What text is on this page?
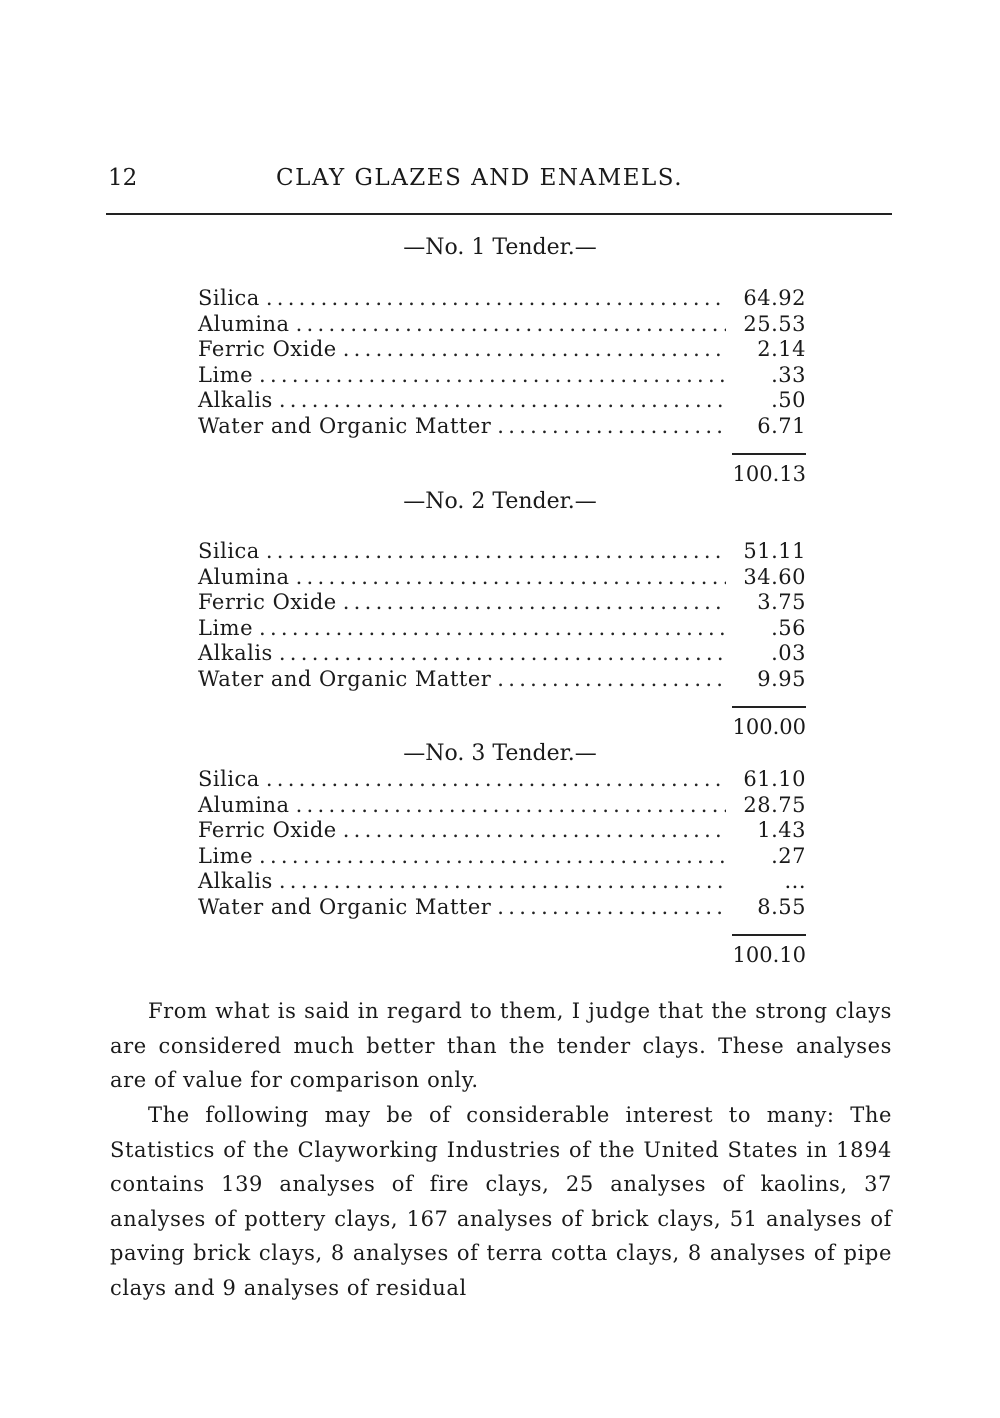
12	CLAY GLAZES AND ENAMELS.
—No. 1 Tender.—
Silica . . .	64.92
Alumina . . .	25.53
Ferric Oxide . . .	2.14
Lime . . .	.33
Alkalis . . .	.50
Water and Organic Matter . . .	6.71
100.13
—No. 2 Tender.—
Silica . . .	51.11
Alumina . . .	34.60
Ferric Oxide . . .	3.75
Lime . . .	.56
Alkalis . . .	.03
Water and Organic Matter . . .	9.95
100.00
—No. 3 Tender.—
Silica . . .	61.10
Alumina . . .	28.75
Ferric Oxide . . .	1.43
Lime . . .	.27
Alkalis . . .	...
Water and Organic Matter . . .	8.55
100.10

From what is said in regard to them, I judge that the strong clays are considered much better than the tender clays. These analyses are of value for comparison only.

The following may be of considerable interest to many: The Statistics of the Clayworking Industries of the United States in 1894 contains 139 analyses of fire clays, 25 analyses of kaolins, 37 analyses of pottery clays, 167 analyses of brick clays, 51 analyses of paving brick clays, 8 analyses of terra cotta clays, 8 analyses of pipe clays and 9 analyses of residual
